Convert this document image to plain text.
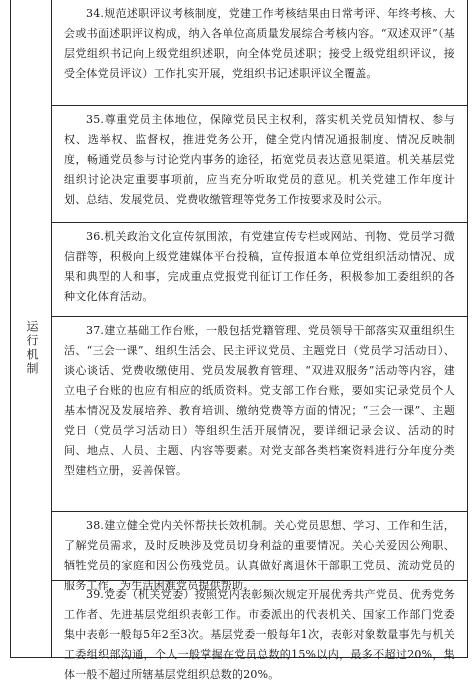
运行机制
34.规范述职评议考核制度，党建工作考核结果由日常考评、年终考核、大会或书面述职评议构成，纳入各单位高质量发展综合考核内容。“双述双评”（基层党组织书记向上级党组织述职，向全体党员述职；接受上级党组织评议，接受全体党员评议）工作扎实开展，党组织书记述职评议全覆盖。
35.尊重党员主体地位，保障党员民主权利，落实机关党员知情权、参与权、选举权、监督权，推进党务公开，健全党内情况通报制度、情况反映制度，畅通党员参与讨论党内事务的途径，拓宽党员表达意见渠道。机关基层党组织讨论决定重要事项前，应当充分听取党员的意见。机关党建工作年度计划、总结、发展党员、党费收缴管理等党务工作按要求及时公示。
36.机关政治文化宣传氛围浓，有党建宣传专栏或网站、刊物、党员学习微信群等，积极向上级党建媒体平台投稿，宣传报道本单位党组织活动情况、成果和典型的人和事，完成重点党报党刊征订工作任务，积极参加工委组织的各种文化体育活动。
37.建立基础工作台账，一般包括党籍管理、党员领导干部落实双重组织生活、“三会一课”、组织生活会、民主评议党员、主题党日（党员学习活动日）、谈心谈话、党费收缴使用、党员发展教育管理、“双进双服务”活动等内容，建立电子台账的也应有相应的纸质资料。党支部工作台账，要如实记录党员个人基本情况及发展培养、教育培训、缴纳党费等方面的情况；“三会一课”、主题党日（党员学习活动日）等组织生活开展情况，要详细记录会议、活动的时间、地点、人员、主题、内容等要素。对党支部各类档案资料进行分年度分类型建档立册，妥善保管。
38.建立健全党内关怀帮扶长效机制。关心党员思想、学习、工作和生活，了解党员需求，及时反映涉及党员切身利益的重要情况。关心关爱因公殉职、牺牲党员的家庭和因公伤残党员。认真做好离退休干部职工党员、流动党员的服务工作，为生活困难党员提供帮助。
39.党委（机关党委）按照党内表彰频次规定开展优秀共产党员、优秀党务工作者、先进基层党组织表彰工作。市委派出的代表机关、国家工作部门党委集中表彰一般每5年2至3次。基层党委一般每年1次，表彰对象数量事先与机关工委组织部沟通，个人一般掌握在党员总数的15%以内，最多不超过20%，集体一般不超过所辖基层党组织总数的20%。
